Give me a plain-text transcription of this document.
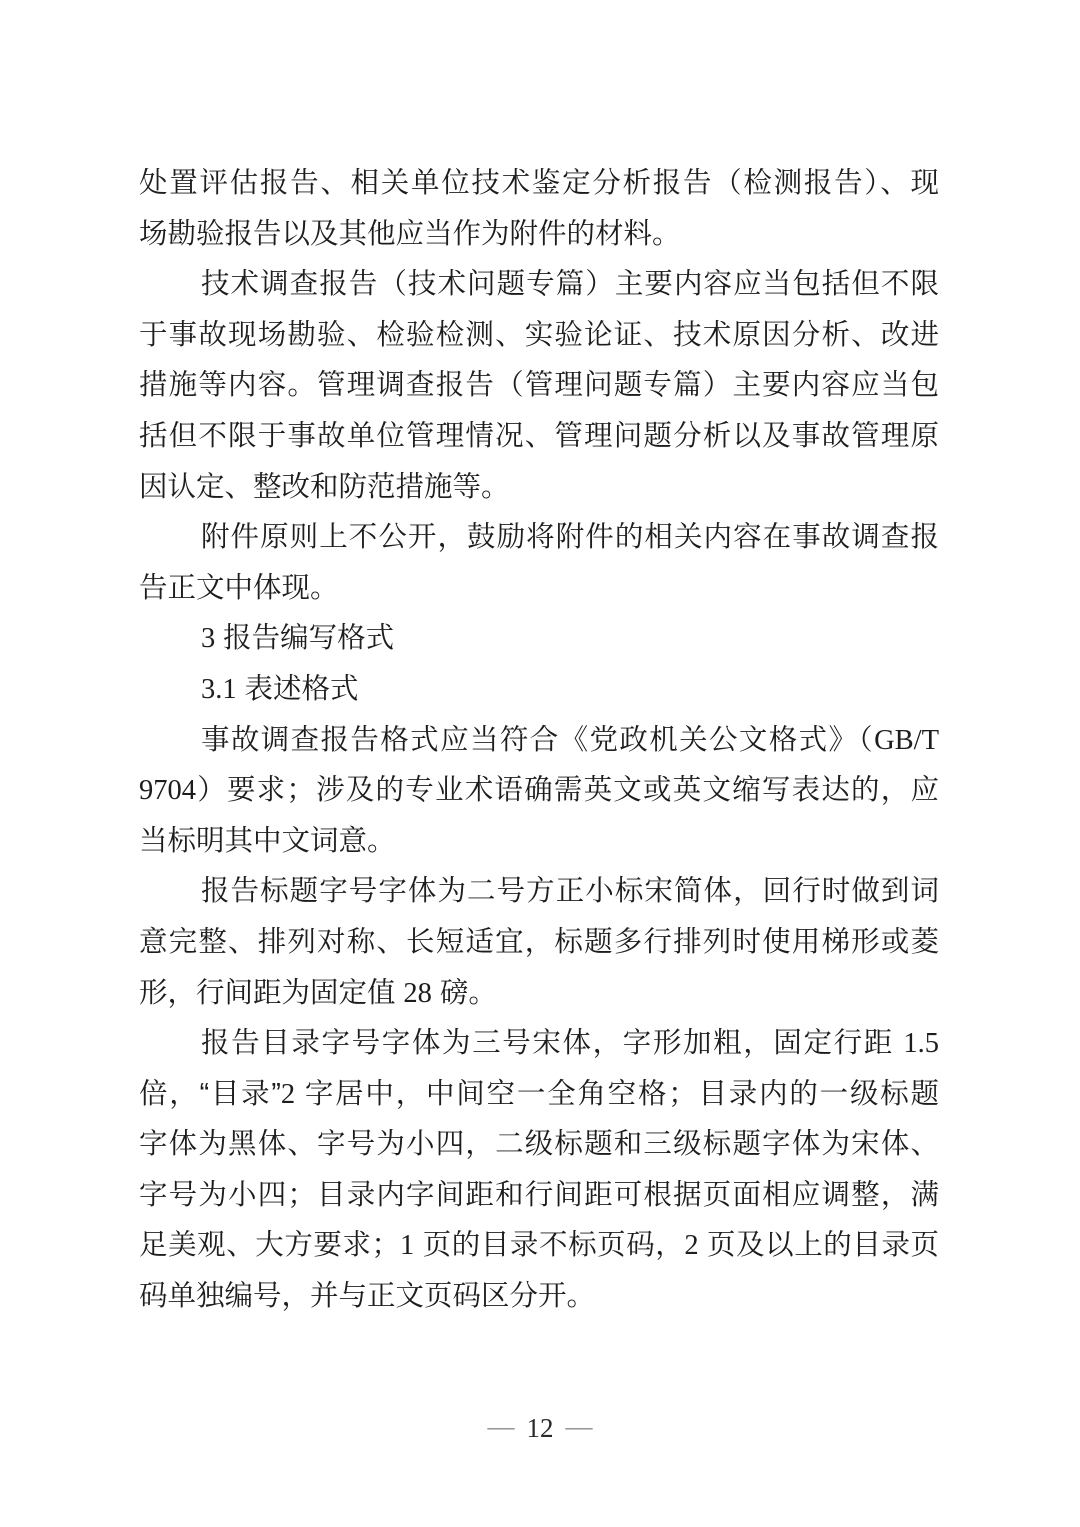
处置评估报告、相关单位技术鉴定分析报告（检测报告）、现
场勘验报告以及其他应当作为附件的材料。
技术调查报告（技术问题专篇）主要内容应当包括但不限
于事故现场勘验、检验检测、实验论证、技术原因分析、改进
措施等内容。管理调查报告（管理问题专篇）主要内容应当包
括但不限于事故单位管理情况、管理问题分析以及事故管理原
因认定、整改和防范措施等。
附件原则上不公开，鼓励将附件的相关内容在事故调查报
告正文中体现。
3 报告编写格式
3.1 表述格式
事故调查报告格式应当符合《党政机关公文格式》（GB/T
9704）要求；涉及的专业术语确需英文或英文缩写表达的，应
当标明其中文词意。
报告标题字号字体为二号方正小标宋简体，回行时做到词
意完整、排列对称、长短适宜，标题多行排列时使用梯形或菱
形，行间距为固定值 28 磅。
报告目录字号字体为三号宋体，字形加粗，固定行距 1.5
倍，“目录”2 字居中，中间空一全角空格；目录内的一级标题
字体为黑体、字号为小四，二级标题和三级标题字体为宋体、
字号为小四；目录内字间距和行间距可根据页面相应调整，满
足美观、大方要求；1 页的目录不标页码，2 页及以上的目录页
码单独编号，并与正文页码区分开。
— 12 —
